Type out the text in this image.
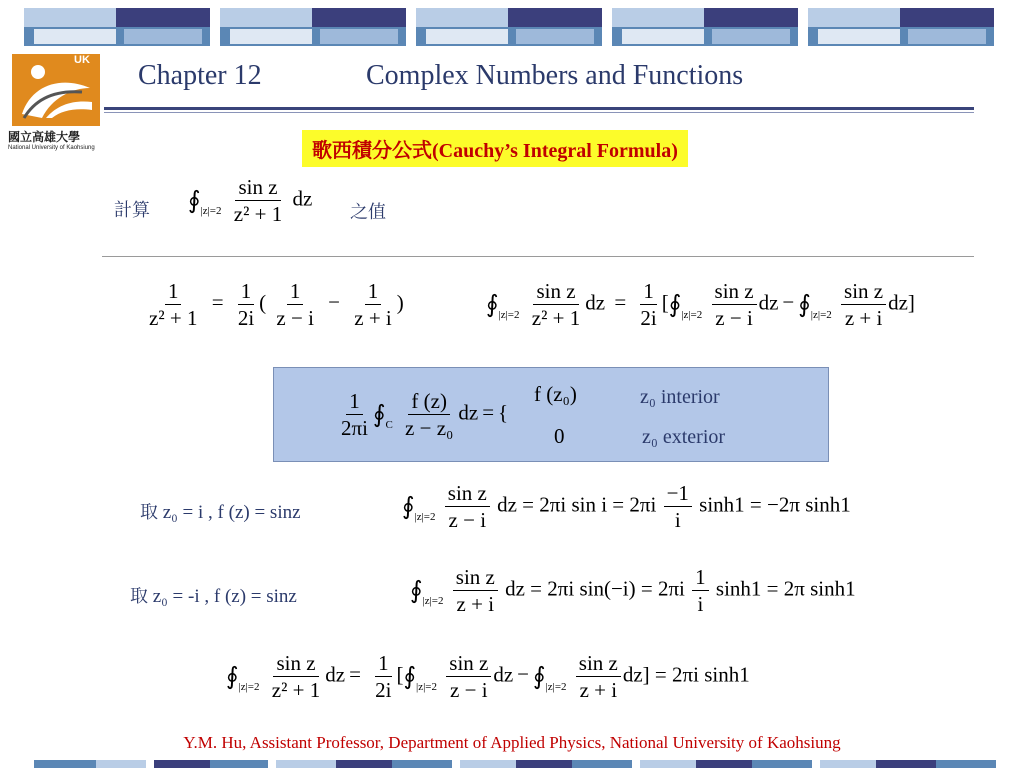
UK
國立高雄大學
National University of Kaohsiung
Chapter 12	Complex Numbers and Functions
歌西積分公式(Cauchy’s Integral Formula)
計算 $∮_{|z|=2} \frac{\text{sin z}}{\text{z² + 1}}$ dz
之值
$\frac{1}{\text{z² + 1}} = \frac{1}{2i}$ ( $\frac{1}{z - i} - \frac{1}{z + i}$ )	$∮_{|z|=2} \frac{\text{sin z}}{\text{z² + 1}}$ dz = $\frac{1}{2i}$ [$∮_{|z|=2} \frac{\text{sin z}}{z - i}$ dz − $∮_{|z|=2} \frac{\text{sin z}}{z + i} dz$]
$\frac{1}{2\pi i}$ $∮_C \frac{f (z)}{\text{z − z₀}}$ dz = {
f (z₀)
0
z₀ interior
z₀ exterior
取 z₀ = i , f (z) = sinz	$∮_{|z|=2} \frac{\text{sin z}}{z - i}$ dz = 2πi $\sin i = 2\pi i \frac{-1}{i} \sinh 1 = -2\pi$ sinh1
取 z₀ = -i , f (z) = sinz	$∮_{|z|=2} \frac{\text{sin z}}{z + i}$ dz = 2πi $\sin(-i) = 2\pi i \frac{1}{i} \sinh 1 = 2\pi$ sinh1
$∮_{|z|=2} \frac{\text{sin z}}{\text{z² + 1}}$ dz = $\frac{1}{2i}$ [$∮_{|z|=2} \frac{\text{sin z}}{z - i}$ dz − $∮_{|z|=2} \frac{\text{sin z}}{z + i} dz] = 2\pi i$ sinh1
Y.M. Hu, Assistant Professor, Department of Applied Physics, National University of Kaohsiung
